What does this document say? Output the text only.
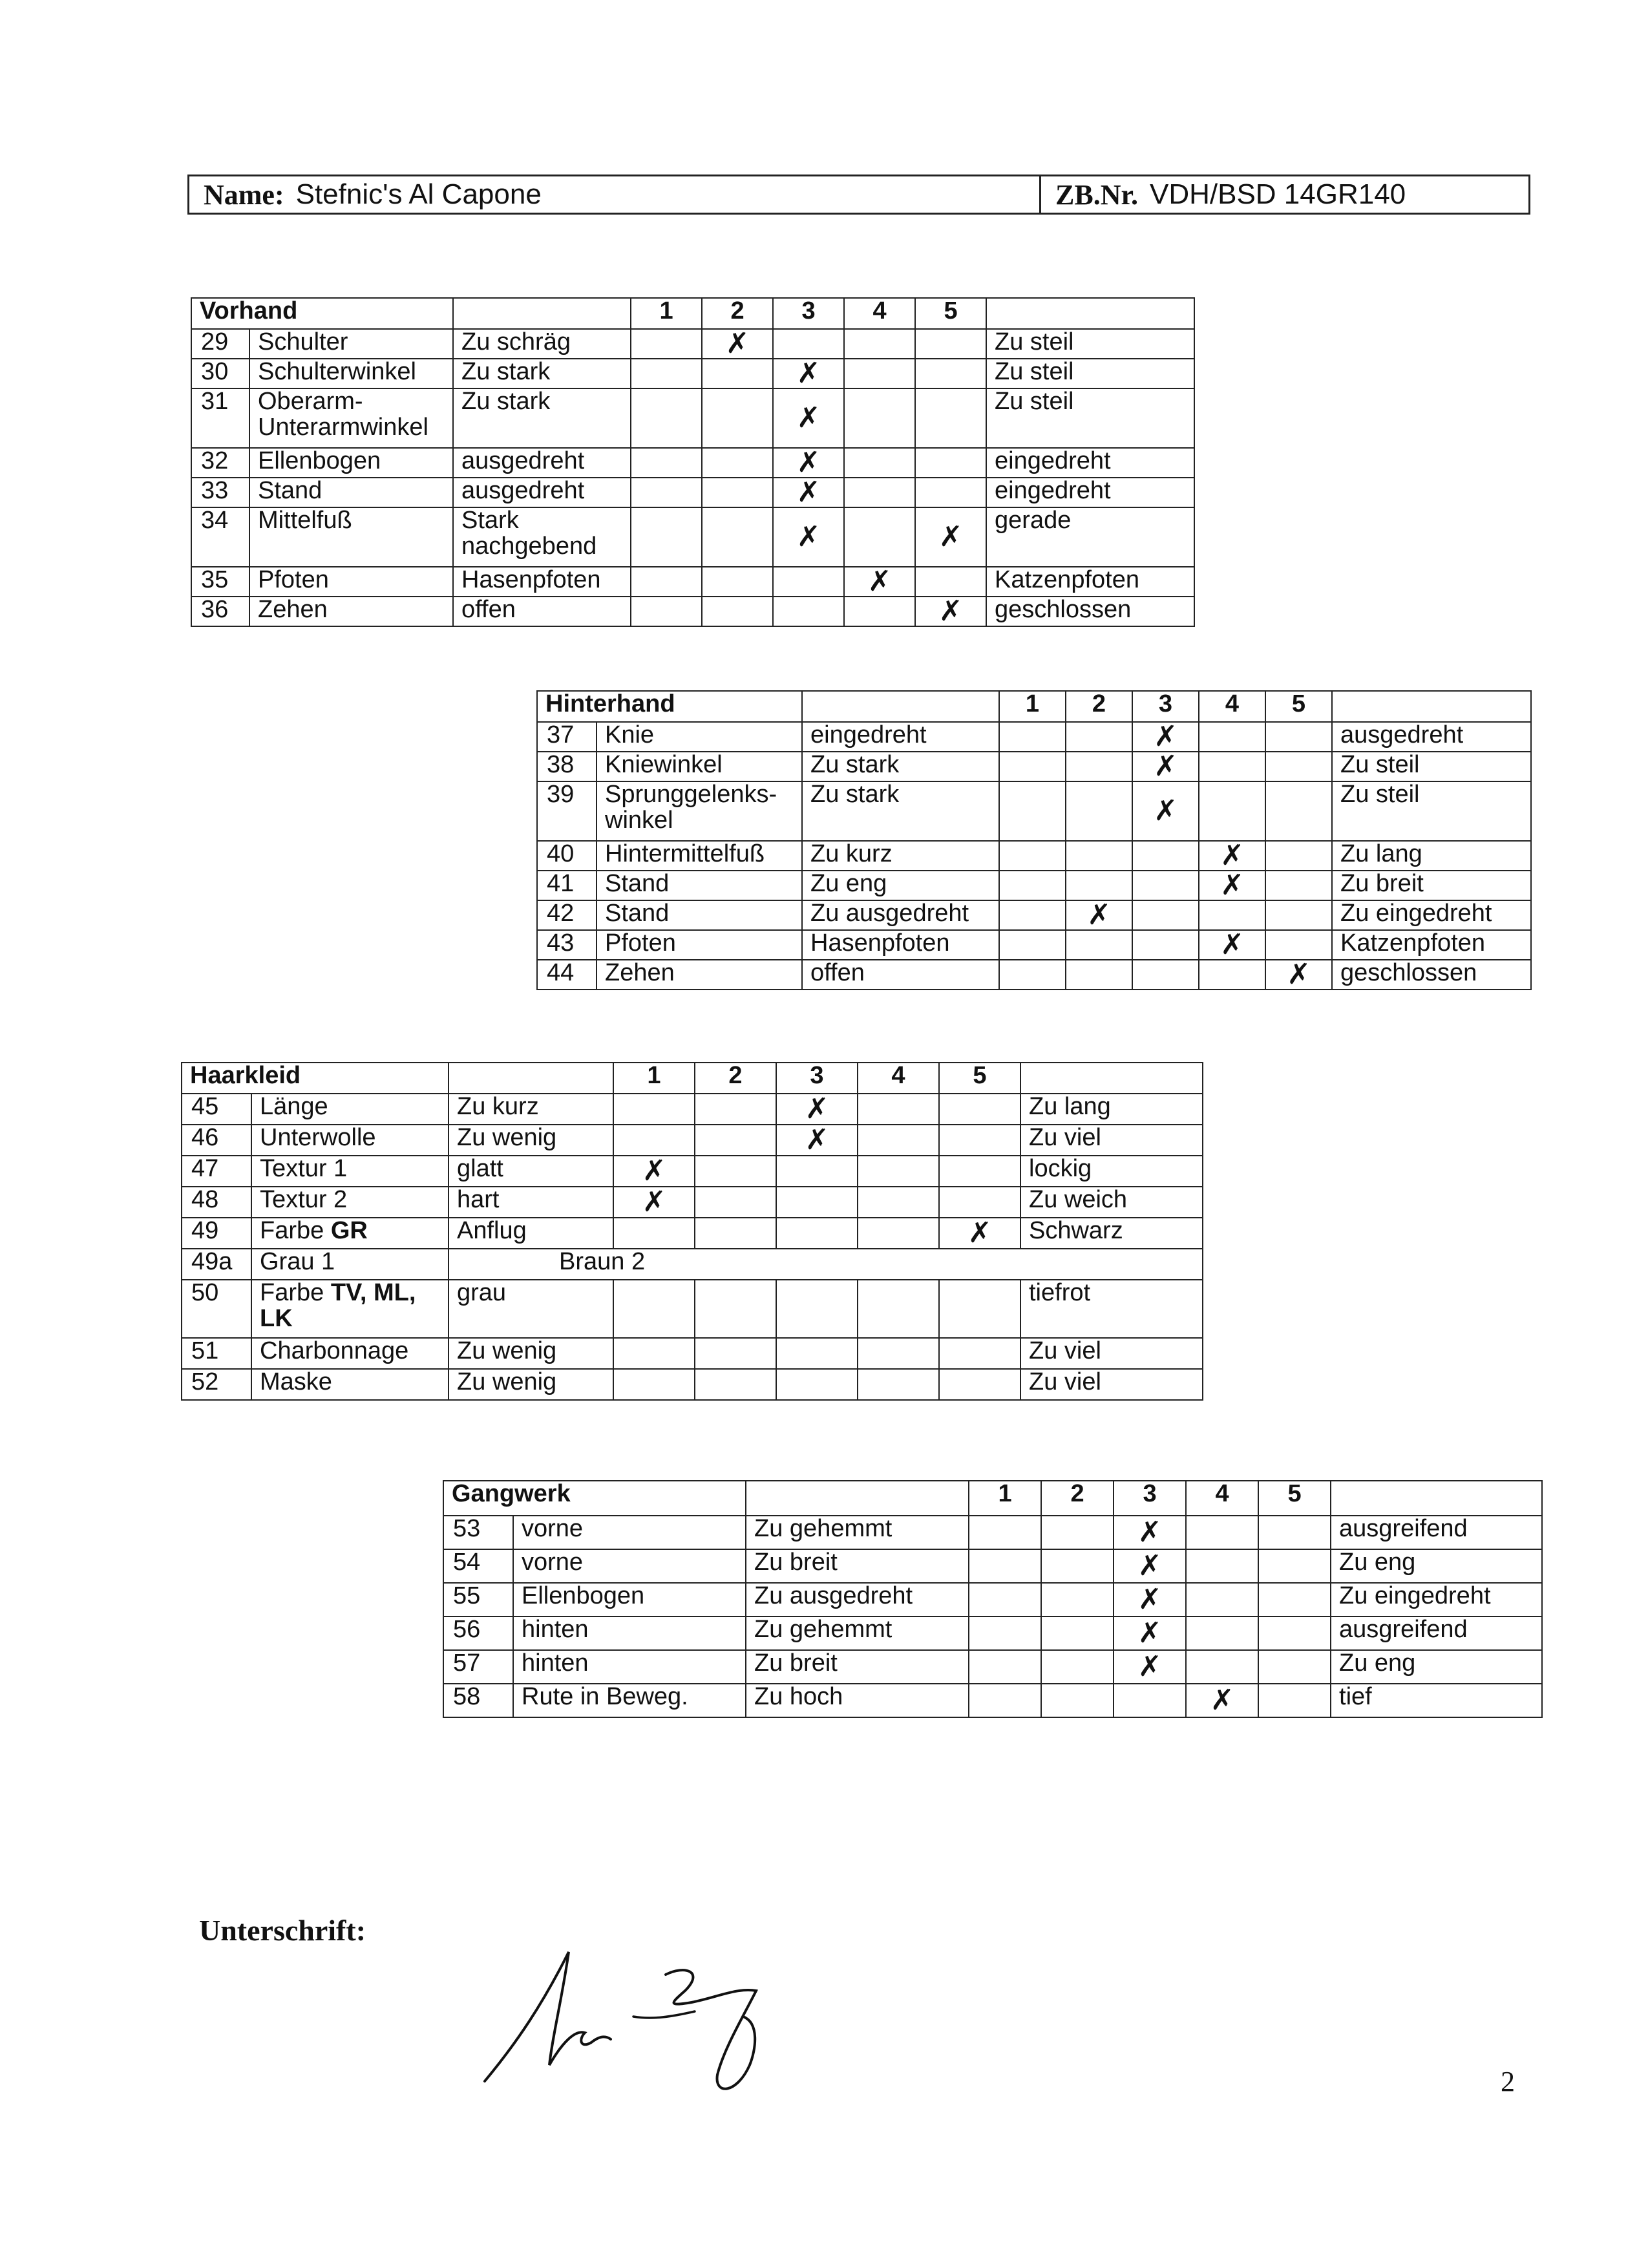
Name: Stefnic's Al Capone	ZB.Nr. VDH/BSD 14GR140
Vorhand			1	2	3	4	5	
29	Schulter	Zu schräg		✗				Zu steil
30	Schulterwinkel	Zu stark			✗			Zu steil
31	Oberarm-Unterarmwinkel	Zu stark			✗			Zu steil
32	Ellenbogen	ausgedreht			✗			eingedreht
33	Stand	ausgedreht			✗			eingedreht
34	Mittelfuß	Stark nachgebend			✗		✗	gerade
35	Pfoten	Hasenpfoten				✗		Katzenpfoten
36	Zehen	offen					✗	geschlossen
Hinterhand			1	2	3	4	5	
37	Knie	eingedreht			✗			ausgedreht
38	Kniewinkel	Zu stark			✗			Zu steil
39	Sprunggelenks-winkel	Zu stark			✗			Zu steil
40	Hintermittelfuß	Zu kurz				✗		Zu lang
41	Stand	Zu eng				✗		Zu breit
42	Stand	Zu ausgedreht		✗				Zu eingedreht
43	Pfoten	Hasenpfoten				✗		Katzenpfoten
44	Zehen	offen					✗	geschlossen
Haarkleid			1	2	3	4	5	
45	Länge	Zu kurz			✗			Zu lang
46	Unterwolle	Zu wenig			✗			Zu viel
47	Textur 1	glatt	✗					lockig
48	Textur 2	hart	✗					Zu weich
49	Farbe GR	Anflug					✗	Schwarz
49a	Grau 1	Braun 2						
50	Farbe TV, ML, LK	grau						tiefrot
51	Charbonnage	Zu wenig						Zu viel
52	Maske	Zu wenig						Zu viel
Gangwerk			1	2	3	4	5	
53	vorne	Zu gehemmt			✗			ausgreifend
54	vorne	Zu breit			✗			Zu eng
55	Ellenbogen	Zu ausgedreht			✗			Zu eingedreht
56	hinten	Zu gehemmt			✗			ausgreifend
57	hinten	Zu breit			✗			Zu eng
58	Rute in Beweg.	Zu hoch				✗		tief
Unterschrift:
2
